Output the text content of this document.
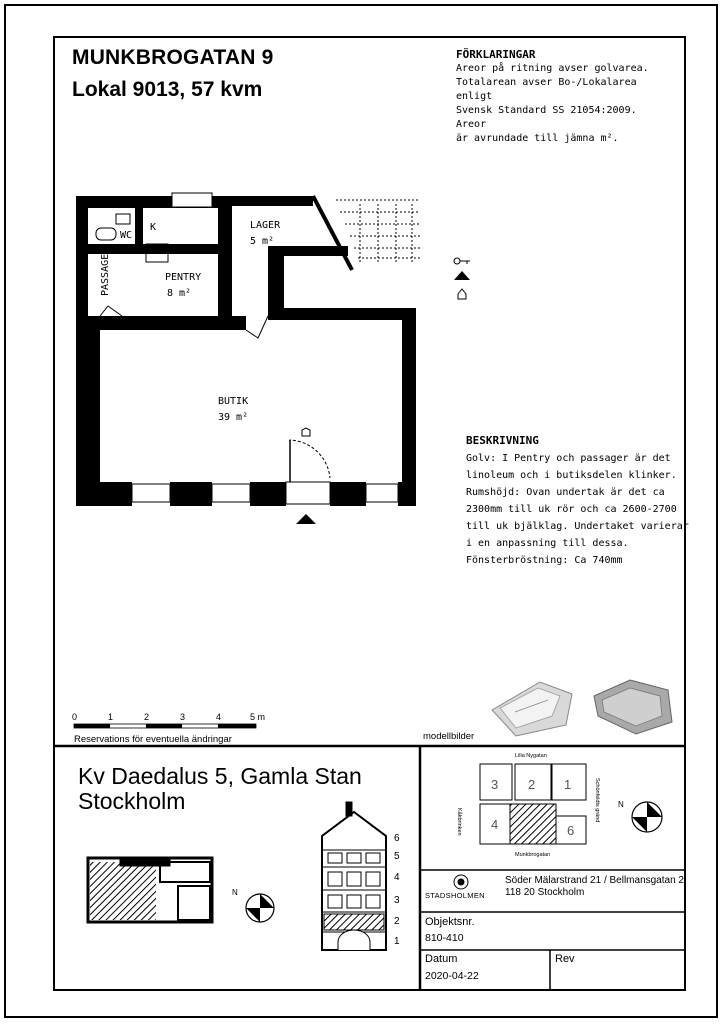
MUNKBROGATAN 9
Lokal 9013, 57 kvm
FÖRKLARINGAR
Areor på ritning avser golvarea.
Totalarean avser Bo-/Lokalarea enligt
Svensk Standard SS 21054:2009. Areor
är avrundade till jämna m².
WC
K	LAGER
5 m²
PASSAGE	PENTRY
8 m²
BUTIK
39 m²
BESKRIVNING
Golv: I Pentry och passager är det
linoleum och i butiksdelen klinker.
Rumshöjd: Ovan undertak är det ca
2300mm till uk rör och ca 2600-2700
till uk bjälklag. Undertaket varierar
i en anpassning till dessa.
Fönsterbröstning: Ca 740mm
0	1	2	3	4	5 m
Reservations för eventuella ändringar	modellbilder
Kv Daedalus 5, Gamla Stan
Stockholm
6
5
4
3
2
1
Lilla Nygatan
Kåkbrinken	Schönfeldts gränd
Munkbrogatan
3 2 1
4	6
N
N	STADSHOLMEN
Söder Mälarstrand 21 / Bellmansgatan 2
118 20 Stockholm
Objektsnr.
810-410
Datum
2020-04-22
Rev
